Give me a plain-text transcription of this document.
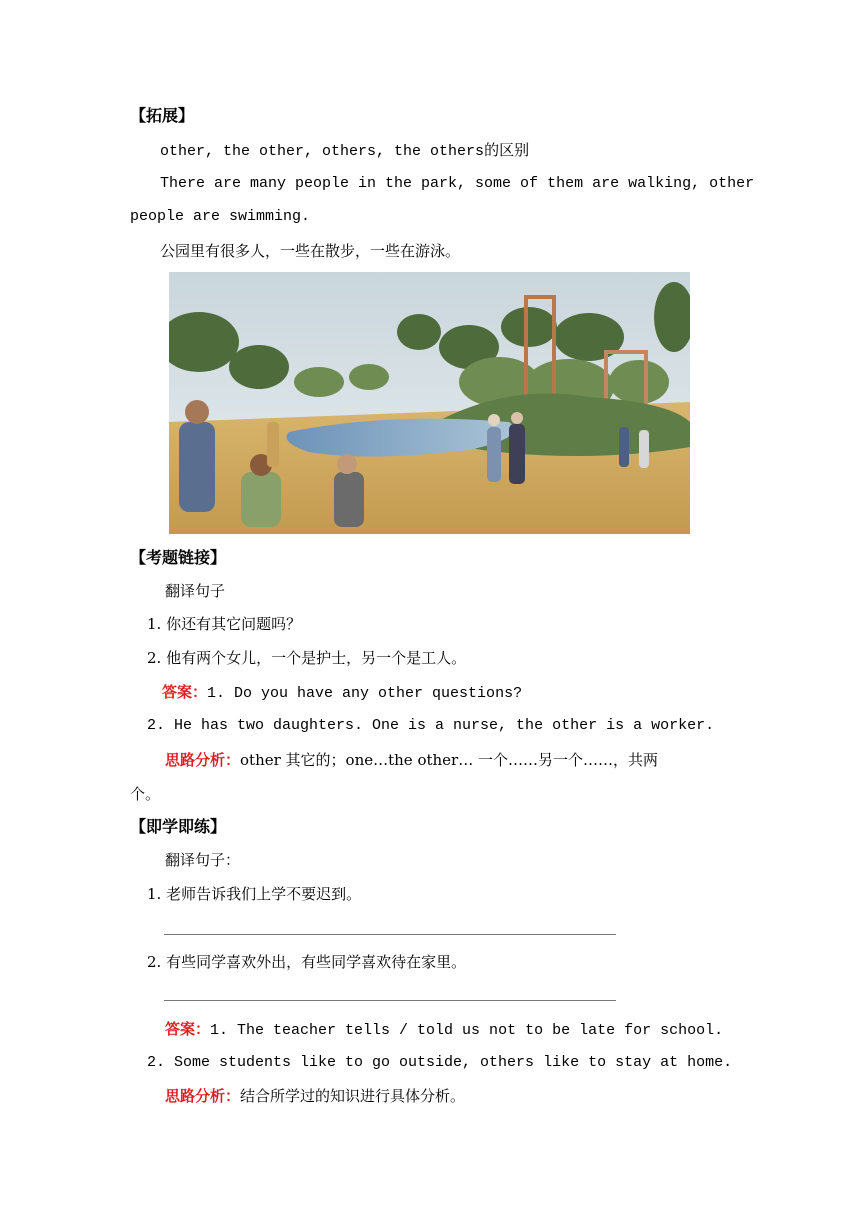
【拓展】
other, the other, others, the others的区别
There are many people in the park, some of them are walking, other
people are swimming.
公园里有很多人，一些在散步，一些在游泳。
【考题链接】
翻译句子
1. 你还有其它问题吗？
2. 他有两个女儿，一个是护士，另一个是工人。
答案：1. Do you have any other questions?
2. He has two daughters. One is a nurse, the other is a worker.
思路分析：other 其它的；one…the other… 一个……另一个……，共两
个。
【即学即练】
翻译句子：
1. 老师告诉我们上学不要迟到。
2. 有些同学喜欢外出，有些同学喜欢待在家里。
答案：1. The teacher tells / told us not to be late for school.
2. Some students like to go outside, others like to stay at home.
思路分析：结合所学过的知识进行具体分析。
